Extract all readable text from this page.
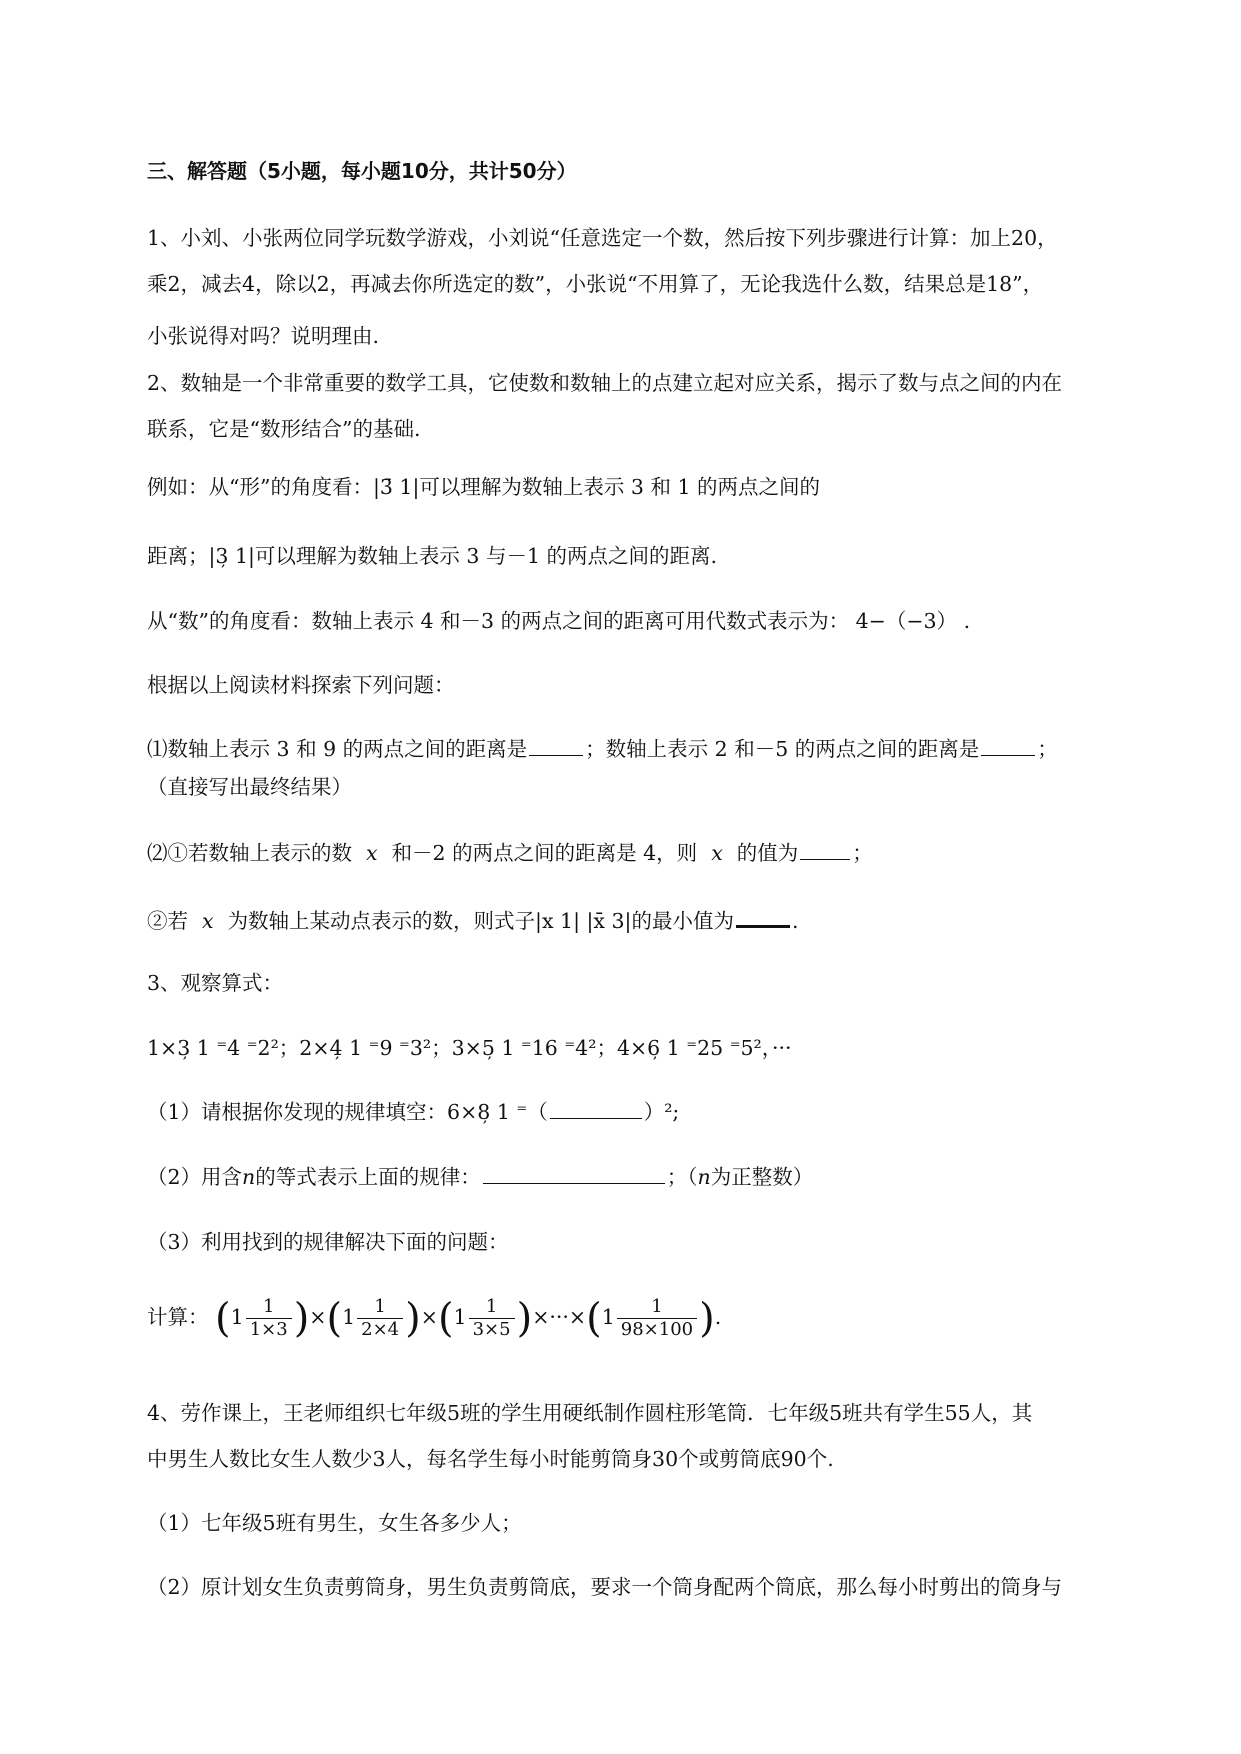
三、解答题（5小题，每小题10分，共计50分）
1、小刘、小张两位同学玩数学游戏，小刘说“任意选定一个数，然后按下列步骤进行计算：加上20，
乘2，减去4，除以2，再减去你所选定的数”，小张说“不用算了，无论我选什么数，结果总是18”，
小张说得对吗？说明理由.
2、数轴是一个非常重要的数学工具，它使数和数轴上的点建立起对应关系，揭示了数与点之间的内在
联系，它是“数形结合”的基础.
例如：从“形”的角度看：|3̄ 1|可以理解为数轴上表示 3 和 1 的两点之间的
距离；|3̦ 1|可以理解为数轴上表示 3 与－1 的两点之间的距离.
从“数”的角度看：数轴上表示 4 和－3 的两点之间的距离可用代数式表示为： 4−（−3） .
根据以上阅读材料探索下列问题：
⑴数轴上表示 3 和 9 的两点之间的距离是	；数轴上表示 2 和－5 的两点之间的距离是	；
（直接写出最终结果）
⑵①若数轴上表示的数 x 和－2 的两点之间的距离是 4，则 x 的值为	；
②若 x 为数轴上某动点表示的数，则式子|x 1| |x̄ 3|的最小值为	.
3、观察算式：
1×3̦ 1 ⁼4 ⁼2²；2×4̦ 1 ⁼9 ⁼3²；3×5̦ 1 ⁼16 ⁼4²；4×6̦ 1 ⁼25 ⁼5²，···
（1）请根据你发现的规律填空：6×8̦ 1 ⁼（	）²;
（2）用含n的等式表示上面的规律：	；（n为正整数）
（3）利用找到的规律解决下面的问题：
计算： $(1 \frac{1}{1\times 3} )\times(1 \frac{1}{2\times 4} )\times(1 \frac{1}{3\times 5} )\times\cdot\cdot\cdot\times(1 \frac{1}{98\times 100}$ ).
4、劳作课上，王老师组织七年级5班的学生用硬纸制作圆柱形笔筒．七年级5班共有学生55人，其
中男生人数比女生人数少3人，每名学生每小时能剪筒身30个或剪筒底90个.
（1）七年级5班有男生，女生各多少人；
（2）原计划女生负责剪筒身，男生负责剪筒底，要求一个筒身配两个筒底，那么每小时剪出的筒身与
